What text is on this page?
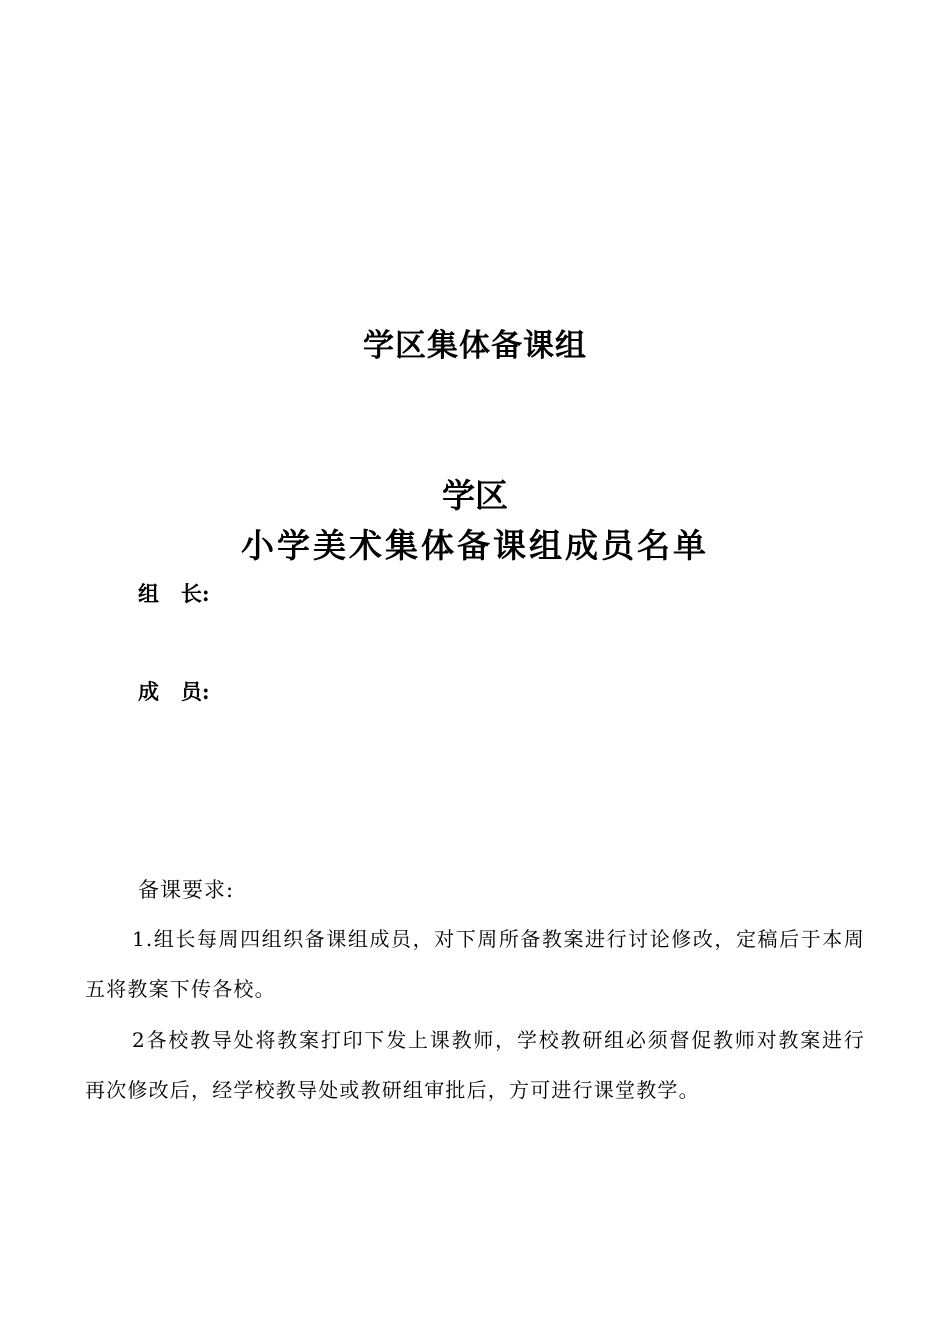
学区集体备课组
学区
小学美术集体备课组成员名单
组   长:
成   员:
备课要求:
1.组长每周四组织备课组成员，对下周所备教案进行讨论修改，定稿后于本周五将教案下传各校。
2各校教导处将教案打印下发上课教师，学校教研组必须督促教师对教案进行再次修改后，经学校教导处或教研组审批后，方可进行课堂教学。
